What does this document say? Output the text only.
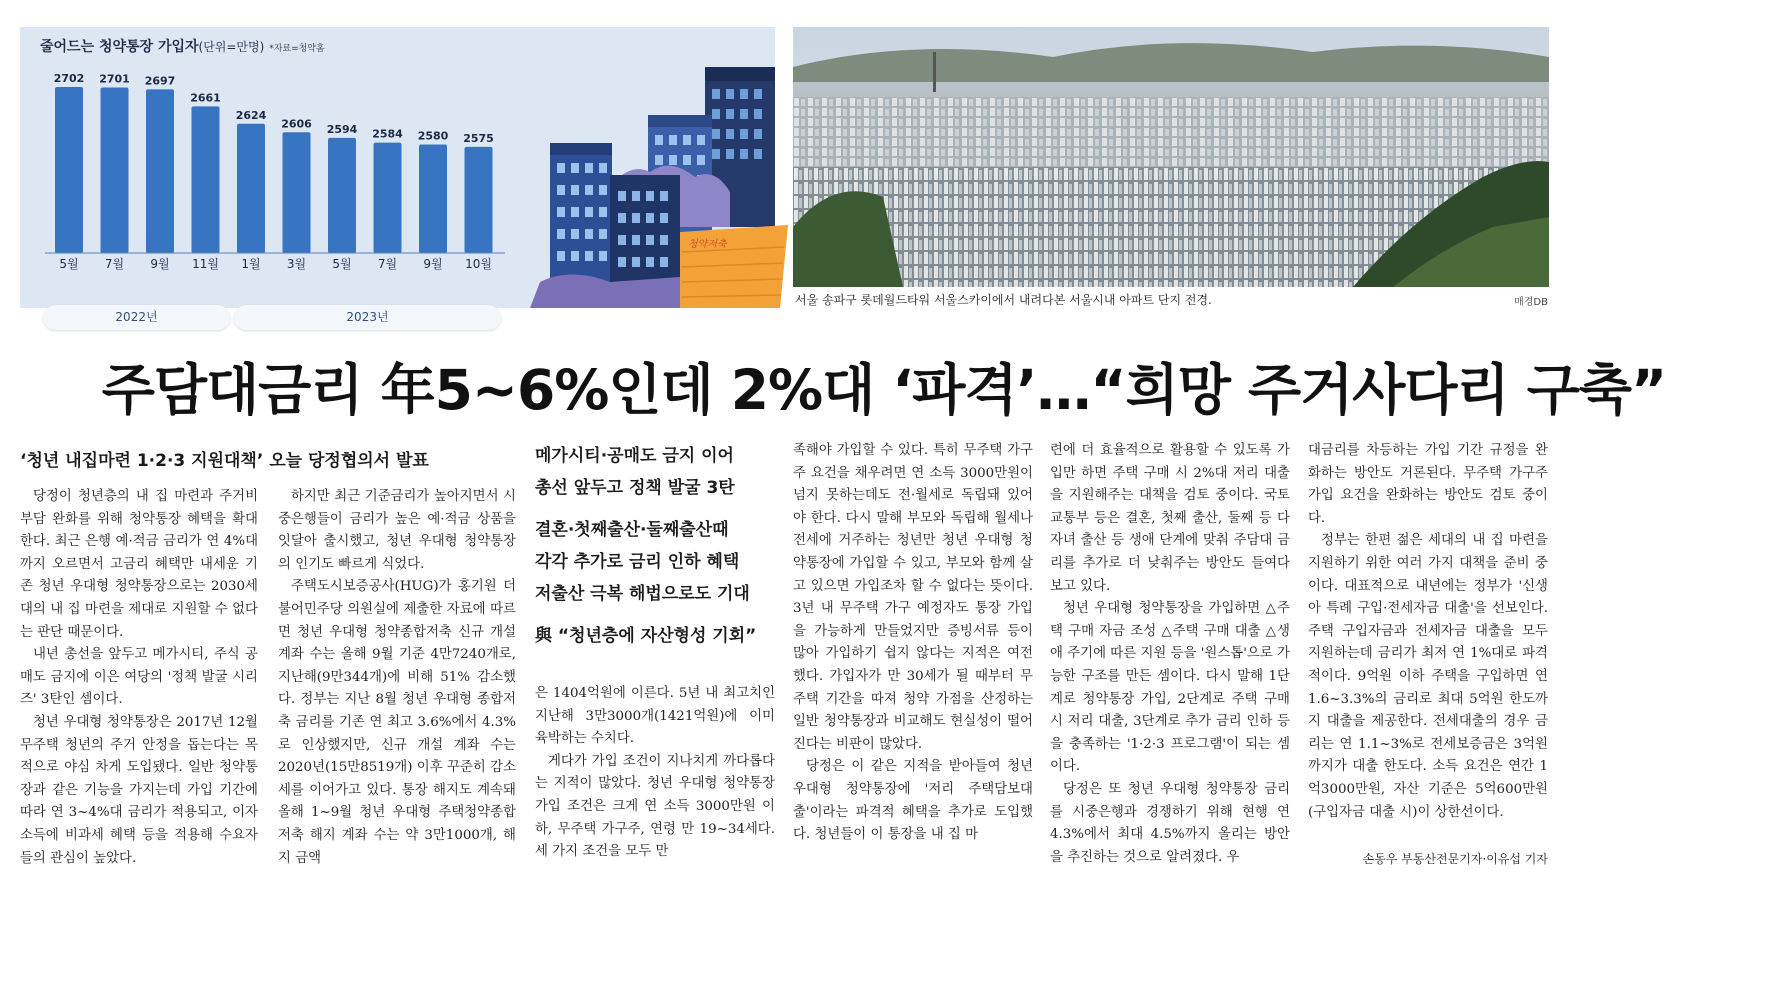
2702
5월
2701
7월
2697
9월
2661
11월
2624
1월
2606
3월
2594
5월
2584
7월
2580
9월
2575
10월
줄어드는 청약통장 가입자(단위=만명) *자료=청약홈
2022년	2023년
청약저축
서울 송파구 롯데월드타워 서울스카이에서 내려다본 서울시내 아파트 단지 전경.	매경DB
주담대금리 年5~6%인데 2%대 ‘파격’…“희망 주거사다리 구축”
‘청년 내집마련 1·2·3 지원대책’ 오늘 당정협의서 발표	메가시티·공매도 금지 이어
총선 앞두고 정책 발굴 3탄
결혼·첫째출산·둘째출산때
각각 추가로 금리 인하 혜택
저출산 극복 해법으로도 기대
與 “청년층에 자산형성 기회”

당정이 청년층의 내 집 마련과 주거비 부담 완화를 위해 청약통장 혜택을 확대한다. 최근 은행 예·적금 금리가 연 4%대까지 오르면서 고금리 혜택만 내세운 기존 청년 우대형 청약통장으로는 2030세대의 내 집 마련을 제대로 지원할 수 없다는 판단 때문이다.

내년 총선을 앞두고 메가시티, 주식 공매도 금지에 이은 여당의 '정책 발굴 시리즈' 3탄인 셈이다.

청년 우대형 청약통장은 2017년 12월 무주택 청년의 주거 안정을 돕는다는 목적으로 야심 차게 도입됐다. 일반 청약통장과 같은 기능을 가지는데 가입 기간에 따라 연 3~4%대 금리가 적용되고, 이자소득에 비과세 혜택 등을 적용해 수요자들의 관심이 높았다.

하지만 최근 기준금리가 높아지면서 시중은행들이 금리가 높은 예·적금 상품을 잇달아 출시했고, 청년 우대형 청약통장의 인기도 빠르게 식었다.

주택도시보증공사(HUG)가 홍기원 더불어민주당 의원실에 제출한 자료에 따르면 청년 우대형 청약종합저축 신규 개설 계좌 수는 올해 9월 기준 4만7240개로, 지난해(9만344개)에 비해 51% 감소했다. 정부는 지난 8월 청년 우대형 종합저축 금리를 기존 연 최고 3.6%에서 4.3%로 인상했지만, 신규 개설 계좌 수는 2020년(15만8519개) 이후 꾸준히 감소세를 이어가고 있다. 통장 해지도 계속돼 올해 1~9월 청년 우대형 주택청약종합저축 해지 계좌 수는 약 3만1000개, 해지 금액

은 1404억원에 이른다. 5년 내 최고치인 지난해 3만3000개(1421억원)에 이미 육박하는 수치다.

게다가 가입 조건이 지나치게 까다롭다는 지적이 많았다. 청년 우대형 청약통장 가입 조건은 크게 연 소득 3000만원 이하, 무주택 가구주, 연령 만 19~34세다. 세 가지 조건을 모두 만

족해야 가입할 수 있다. 특히 무주택 가구주 요건을 채우려면 연 소득 3000만원이 넘지 못하는데도 전·월세로 독립돼 있어야 한다. 다시 말해 부모와 독립해 월세나 전세에 거주하는 청년만 청년 우대형 청약통장에 가입할 수 있고, 부모와 함께 살고 있으면 가입조차 할 수 없다는 뜻이다. 3년 내 무주택 가구 예정자도 통장 가입을 가능하게 만들었지만 증빙서류 등이 많아 가입하기 쉽지 않다는 지적은 여전했다. 가입자가 만 30세가 될 때부터 무주택 기간을 따져 청약 가점을 산정하는 일반 청약통장과 비교해도 현실성이 떨어진다는 비판이 많았다.

당정은 이 같은 지적을 받아들여 청년 우대형 청약통장에 '저리 주택담보대출'이라는 파격적 혜택을 추가로 도입했다. 청년들이 이 통장을 내 집 마

련에 더 효율적으로 활용할 수 있도록 가입만 하면 주택 구매 시 2%대 저리 대출을 지원해주는 대책을 검토 중이다. 국토교통부 등은 결혼, 첫째 출산, 둘째 등 다자녀 출산 등 생애 단계에 맞춰 주담대 금리를 추가로 더 낮춰주는 방안도 들여다보고 있다.

청년 우대형 청약통장을 가입하면 △주택 구매 자금 조성 △주택 구매 대출 △생애 주기에 따른 지원 등을 '원스톱'으로 가능한 구조를 만든 셈이다. 다시 말해 1단계로 청약통장 가입, 2단계로 주택 구매 시 저리 대출, 3단계로 추가 금리 인하 등을 충족하는 '1·2·3 프로그램'이 되는 셈이다.

당정은 또 청년 우대형 청약통장 금리를 시중은행과 경쟁하기 위해 현행 연 4.3%에서 최대 4.5%까지 올리는 방안을 추진하는 것으로 알려졌다. 우

대금리를 차등하는 가입 기간 규정을 완화하는 방안도 거론된다. 무주택 가구주 가입 요건을 완화하는 방안도 검토 중이다.

정부는 한편 젊은 세대의 내 집 마련을 지원하기 위한 여러 가지 대책을 준비 중이다. 대표적으로 내년에는 정부가 '신생아 특례 구입·전세자금 대출'을 선보인다. 주택 구입자금과 전세자금 대출을 모두 지원하는데 금리가 최저 연 1%대로 파격적이다. 9억원 이하 주택을 구입하면 연 1.6~3.3%의 금리로 최대 5억원 한도까지 대출을 제공한다. 전세대출의 경우 금리는 연 1.1~3%로 전세보증금은 3억원까지가 대출 한도다. 소득 요건은 연간 1억3000만원, 자산 기준은 5억600만원(구입자금 대출 시)이 상한선이다.

손동우 부동산전문기자·이유섭 기자
